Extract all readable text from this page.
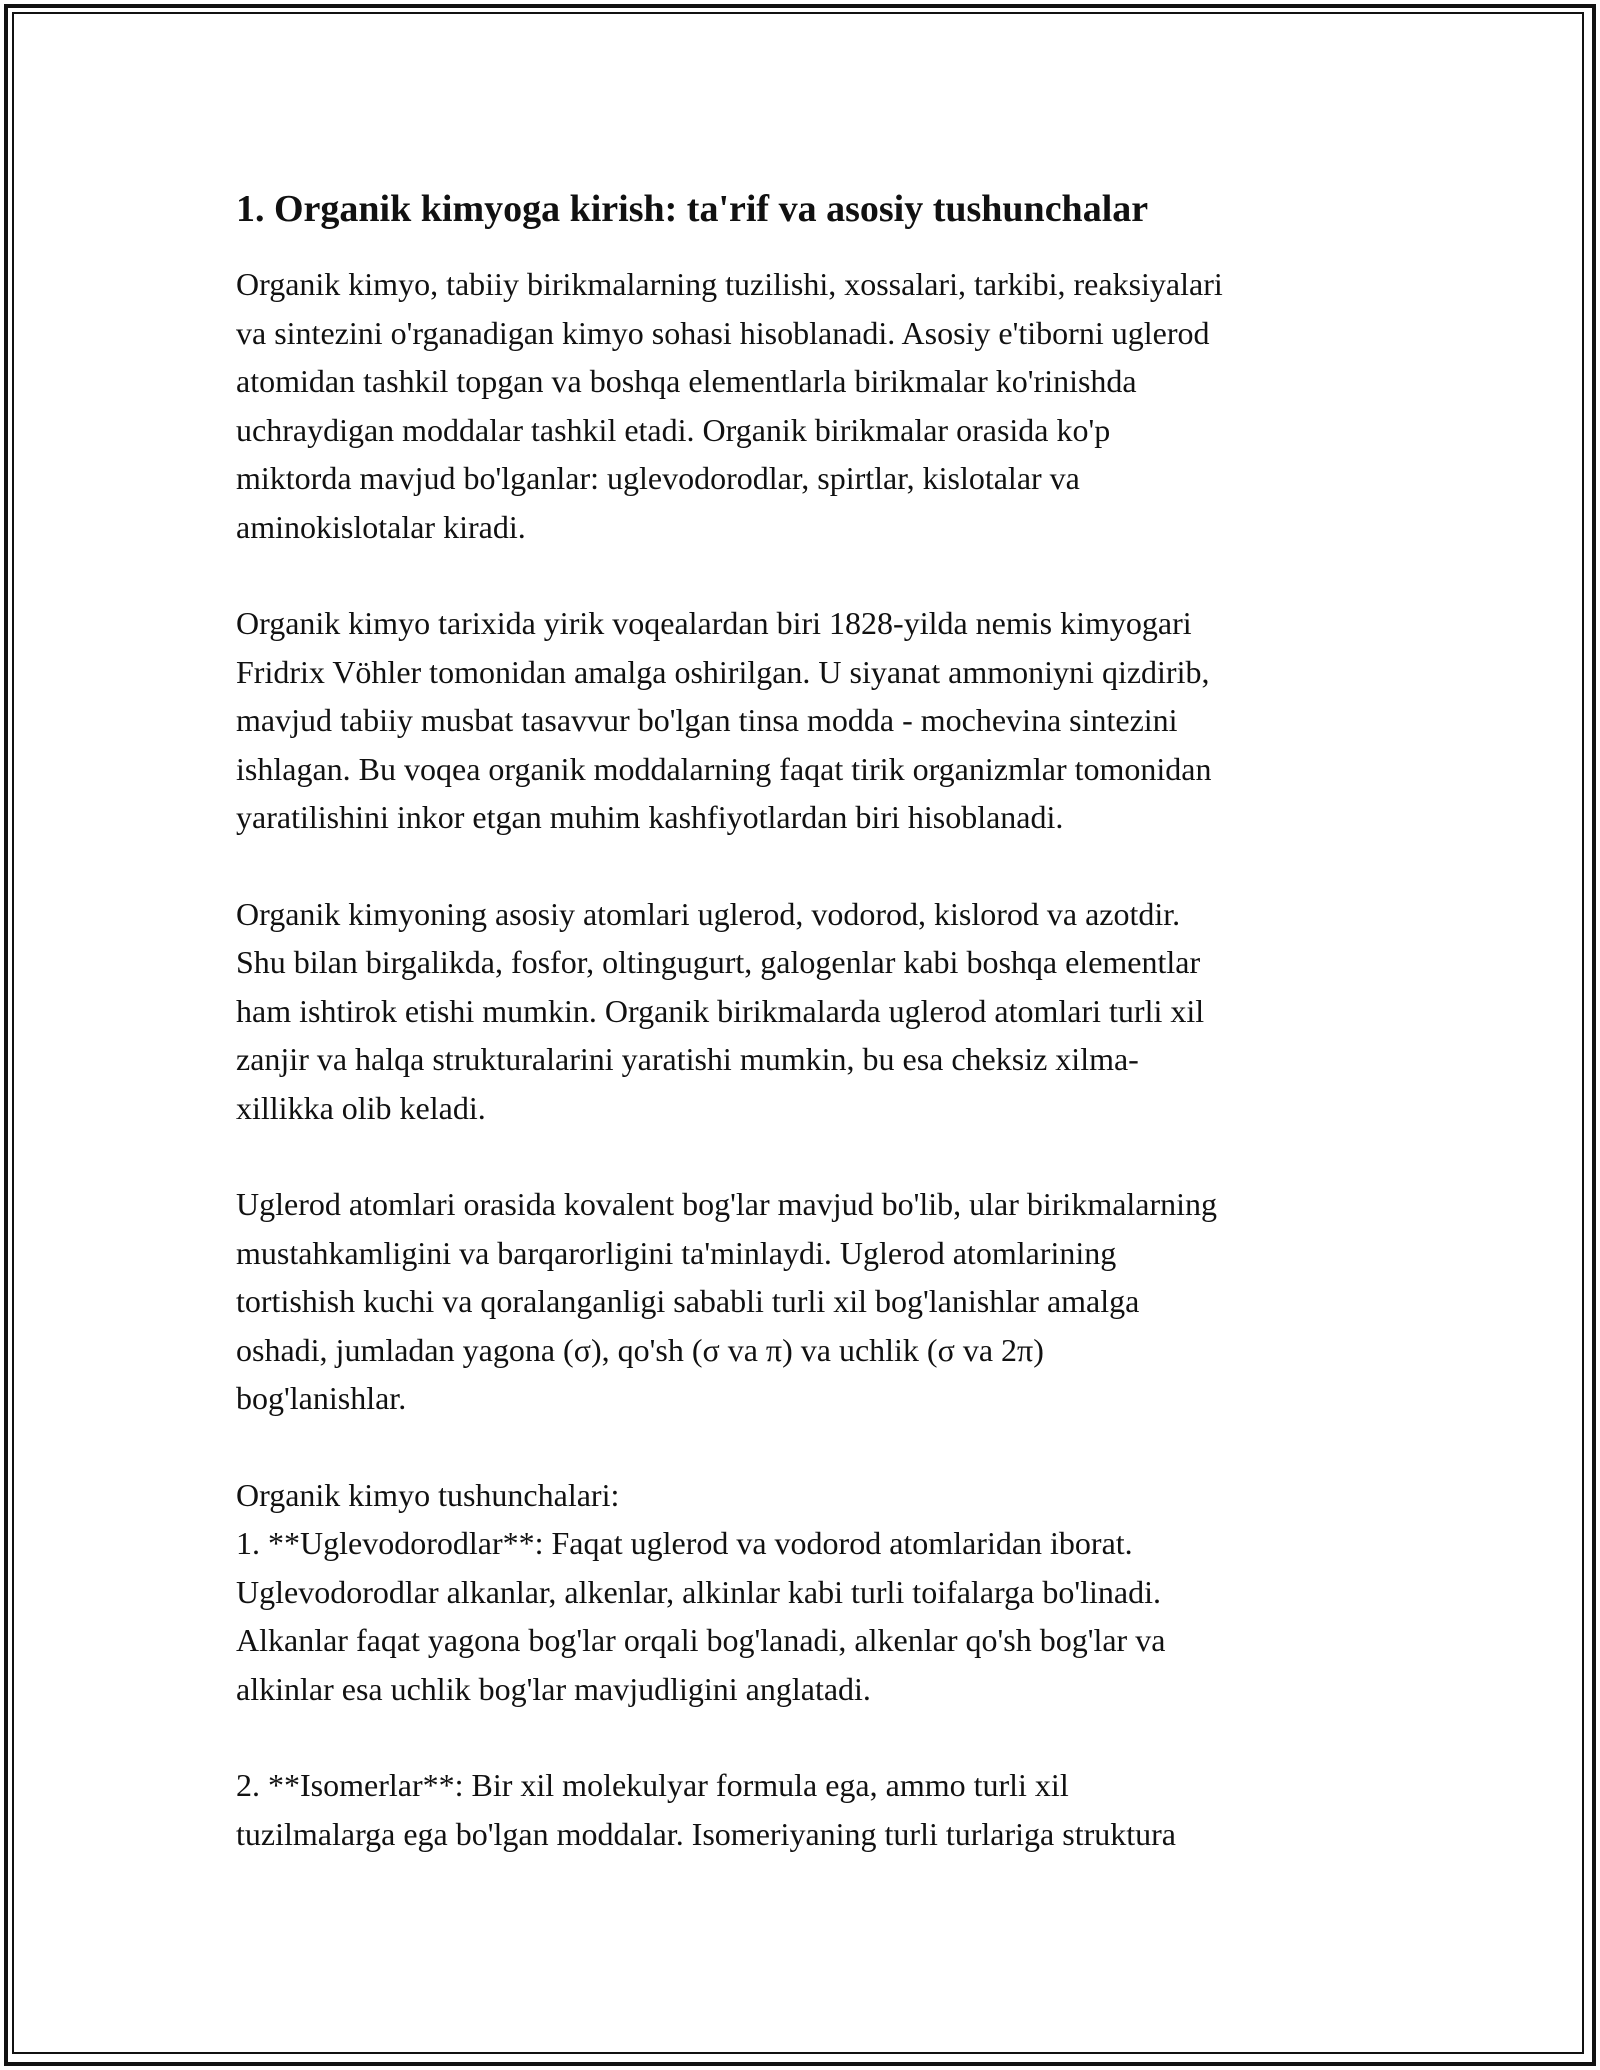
1. Organik kimyoga kirish: ta'rif va asosiy tushunchalar

Organik kimyo, tabiiy birikmalarning tuzilishi, xossalari, tarkibi, reaksiyalari
va sintezini o'rganadigan kimyo sohasi hisoblanadi. Asosiy e'tiborni uglerod
atomidan tashkil topgan va boshqa elementlarla birikmalar ko'rinishda
uchraydigan moddalar tashkil etadi. Organik birikmalar orasida ko'p
miktorda mavjud bo'lganlar: uglevodorodlar, spirtlar, kislotalar va
aminokislotalar kiradi.

Organik kimyo tarixida yirik voqealardan biri 1828-yilda nemis kimyogari
Fridrix Vöhler tomonidan amalga oshirilgan. U siyanat ammoniyni qizdirib,
mavjud tabiiy musbat tasavvur bo'lgan tinsa modda - mochevina sintezini
ishlagan. Bu voqea organik moddalarning faqat tirik organizmlar tomonidan
yaratilishini inkor etgan muhim kashfiyotlardan biri hisoblanadi.

Organik kimyoning asosiy atomlari uglerod, vodorod, kislorod va azotdir.
Shu bilan birgalikda, fosfor, oltingugurt, galogenlar kabi boshqa elementlar
ham ishtirok etishi mumkin. Organik birikmalarda uglerod atomlari turli xil
zanjir va halqa strukturalarini yaratishi mumkin, bu esa cheksiz xilma-
xillikka olib keladi.

Uglerod atomlari orasida kovalent bog'lar mavjud bo'lib, ular birikmalarning
mustahkamligini va barqarorligini ta'minlaydi. Uglerod atomlarining
tortishish kuchi va qoralanganligi sababli turli xil bog'lanishlar amalga
oshadi, jumladan yagona (σ), qo'sh (σ va π) va uchlik (σ va 2π)
bog'lanishlar.

Organik kimyo tushunchalari:
1. **Uglevodorodlar**: Faqat uglerod va vodorod atomlaridan iborat.
Uglevodorodlar alkanlar, alkenlar, alkinlar kabi turli toifalarga bo'linadi.
Alkanlar faqat yagona bog'lar orqali bog'lanadi, alkenlar qo'sh bog'lar va
alkinlar esa uchlik bog'lar mavjudligini anglatadi.

2. **Isomerlar**: Bir xil molekulyar formula ega, ammo turli xil
tuzilmalarga ega bo'lgan moddalar. Isomeriyaning turli turlariga struktura
